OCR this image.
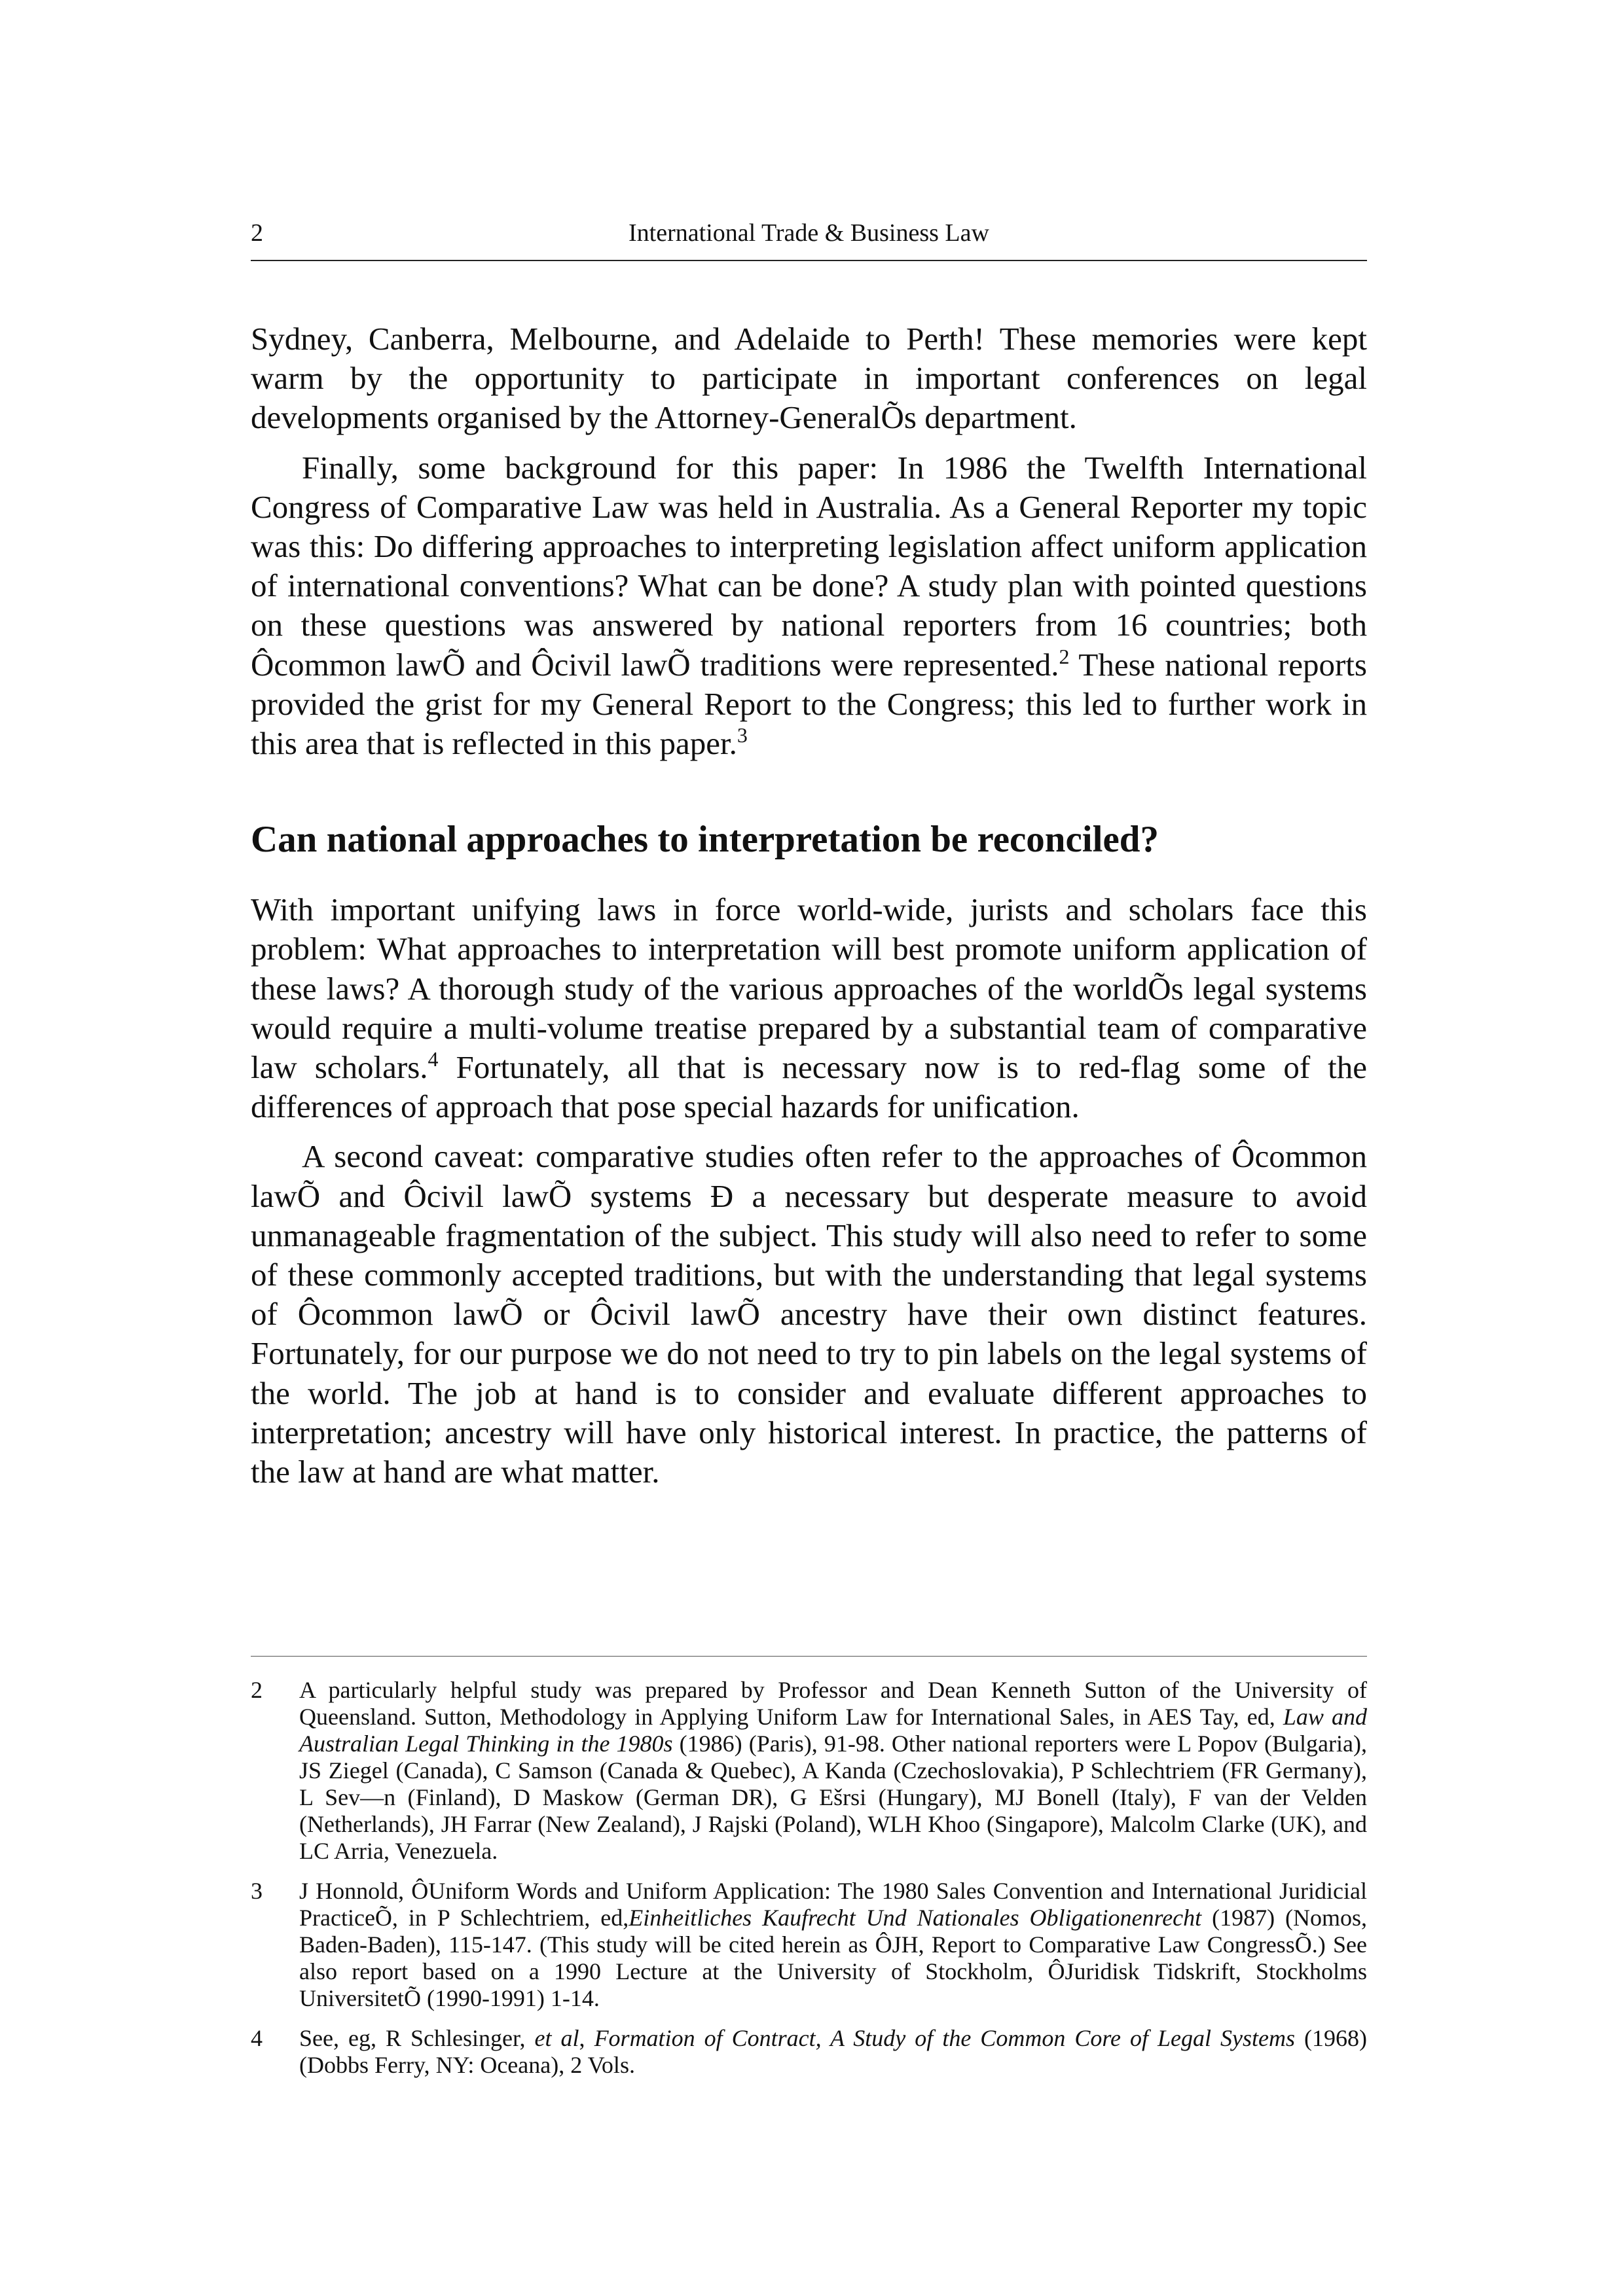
2	International Trade & Business Law

Sydney, Canberra, Melbourne, and Adelaide to Perth! These memories were kept warm by the opportunity to participate in important conferences on legal developments organised by the Attorney-GeneralÕs department.

Finally, some background for this paper: In 1986 the Twelfth International Congress of Comparative Law was held in Australia. As a General Reporter my topic was this: Do differing approaches to interpreting legislation affect uniform application of international conventions? What can be done? A study plan with pointed questions on these questions was answered by national reporters from 16 countries; both Ôcommon lawÕ and Ôcivil lawÕ traditions were represented.$^2$ These national reports provided the grist for my General Report to the Congress; this led to further work in this area that is reflected in this paper.$^3$

Can national approaches to interpretation be reconciled?

With important unifying laws in force world-wide, jurists and scholars face this problem: What approaches to interpretation will best promote uniform application of these laws? A thorough study of the various approaches of the worldÕs legal systems would require a multi-volume treatise prepared by a substantial team of comparative law scholars.$^4$ Fortunately, all that is necessary now is to red-flag some of the differences of approach that pose special hazards for unification.

A second caveat: comparative studies often refer to the approaches of Ôcommon lawÕ and Ôcivil lawÕ systems Ð a necessary but desperate measure to avoid unmanageable fragmentation of the subject. This study will also need to refer to some of these commonly accepted traditions, but with the understanding that legal systems of Ôcommon lawÕ or Ôcivil lawÕ ancestry have their own distinct features. Fortunately, for our purpose we do not need to try to pin labels on the legal systems of the world. The job at hand is to consider and evaluate different approaches to interpretation; ancestry will have only historical interest. In practice, the patterns of the law at hand are what matter.

2 A particularly helpful study was prepared by Professor and Dean Kenneth Sutton of the University of Queensland. Sutton, Methodology in Applying Uniform Law for International Sales, in AES Tay, ed, Law and Australian Legal Thinking in the 1980s (1986) (Paris), 91-98. Other national reporters were L Popov (Bulgaria), JS Ziegel (Canada), C Samson (Canada & Quebec), A Kanda (Czechoslovakia), P Schlechtriem (FR Germany), L Sev—n (Finland), D Maskow (German DR), G Ešrsi (Hungary), MJ Bonell (Italy), F van der Velden (Netherlands), JH Farrar (New Zealand), J Rajski (Poland), WLH Khoo (Singapore), Malcolm Clarke (UK), and LC Arria, Venezuela.
3 J Honnold, ÔUniform Words and Uniform Application: The 1980 Sales Convention and International Juridicial PracticeÕ, in P Schlechtriem, ed,Einheitliches Kaufrecht Und Nationales Obligationenrecht (1987) (Nomos, Baden-Baden), 115-147. (This study will be cited herein as ÔJH, Report to Comparative Law CongressÕ.) See also report based on a 1990 Lecture at the University of Stockholm, ÔJuridisk Tidskrift, Stockholms UniversitetÕ (1990-1991) 1-14.
4 See, eg, R Schlesinger, et al, Formation of Contract, A Study of the Common Core of Legal Systems (1968) (Dobbs Ferry, NY: Oceana), 2 Vols.
